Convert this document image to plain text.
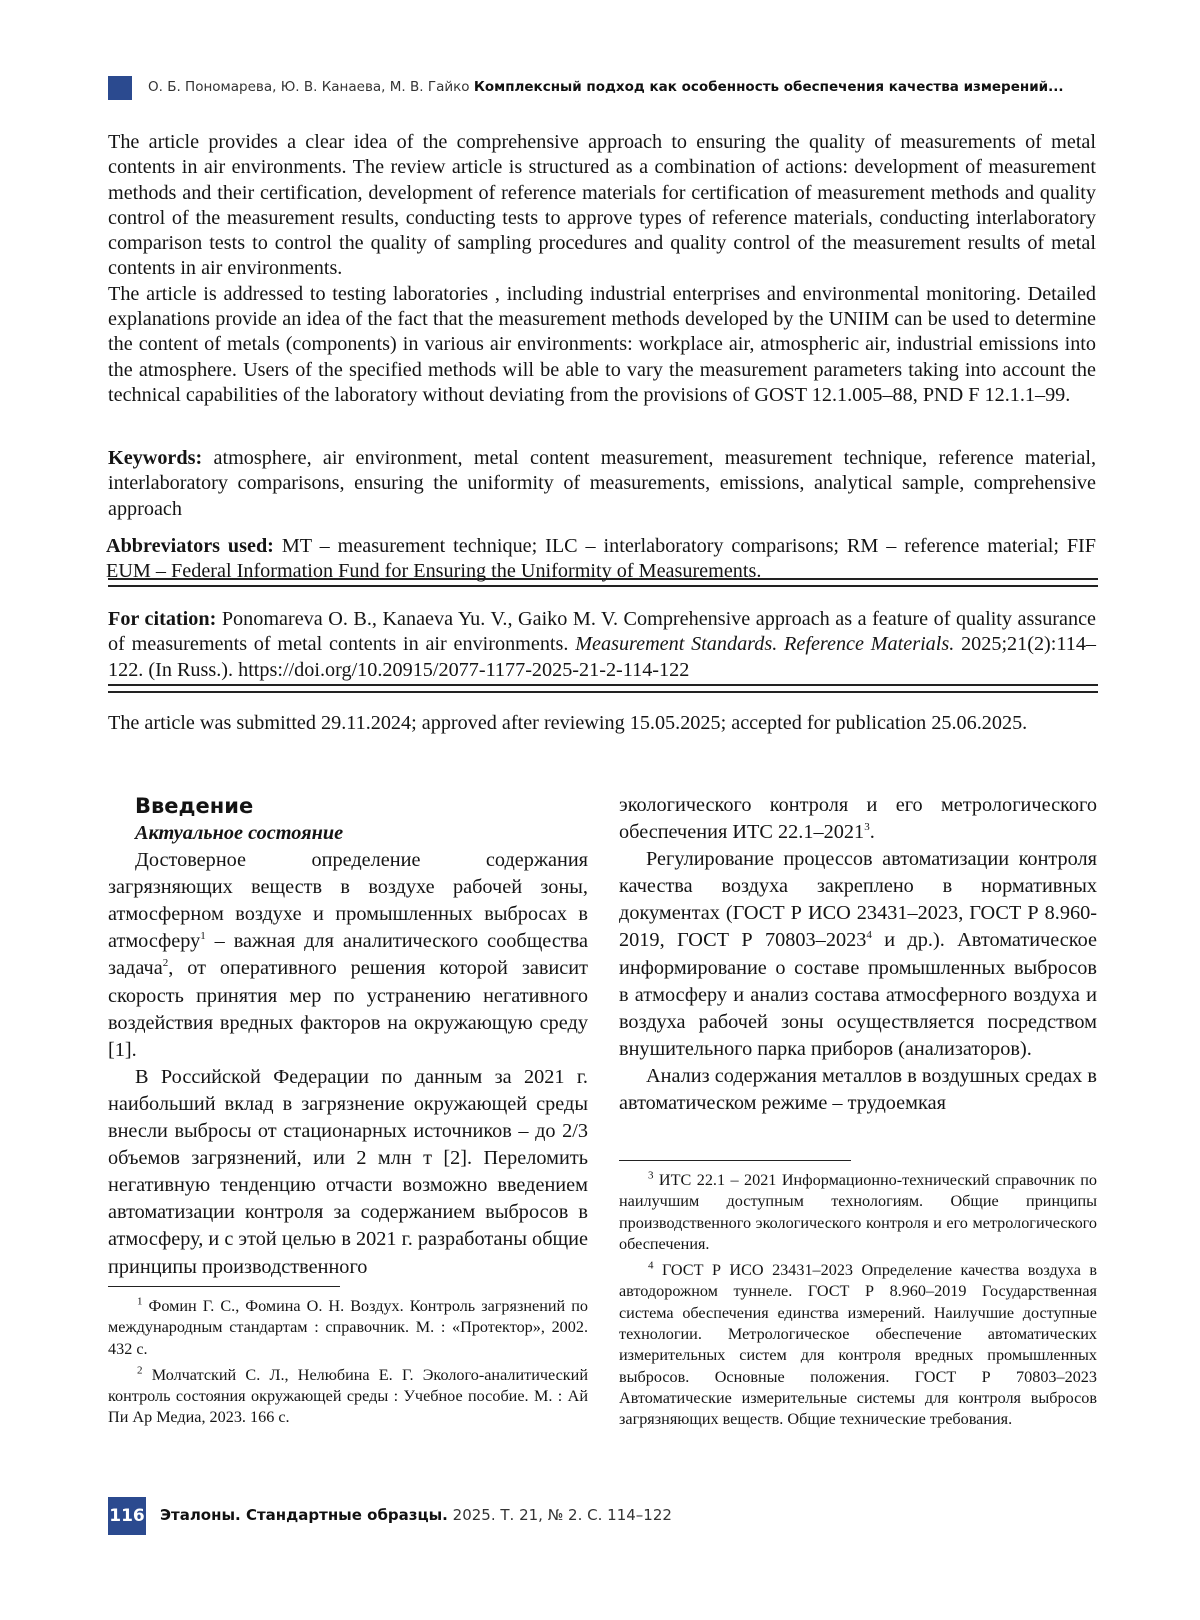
О. Б. Пономарева, Ю. В. Канаева, М. В. Гайко Комплексный подход как особенность обеспечения качества измерений...

The article provides a clear idea of the comprehensive approach to ensuring the quality of measurements of metal contents in air environments. The review article is structured as a combination of actions: development of measurement methods and their certification, development of reference materials for certification of measurement methods and quality control of the measurement results, conducting tests to approve types of reference materials, conducting interlaboratory comparison tests to control the quality of sampling procedures and quality control of the measurement results of metal contents in air environments.

The article is addressed to testing laboratories , including industrial enterprises and environmental monitoring. Detailed explanations provide an idea of the fact that the measurement methods developed by the UNIIM can be used to determine the content of metals (components) in various air environments: workplace air, atmospheric air, industrial emissions into the atmosphere. Users of the specified methods will be able to vary the measurement parameters taking into account the technical capabilities of the laboratory without deviating from the provisions of GOST 12.1.005–88, PND F 12.1.1–99.

Keywords: atmosphere, air environment, metal content measurement, measurement technique, reference material, interlaboratory comparisons, ensuring the uniformity of measurements, emissions, analytical sample, comprehensive approach
Abbreviators used: MT – measurement technique; ILC – interlaboratory comparisons; RM – reference material; FIF EUM – Federal Information Fund for Ensuring the Uniformity of Measurements.
For citation: Ponomareva O. B., Kanaeva Yu. V., Gaiko M. V. Comprehensive approach as a feature of quality assurance of measurements of metal contents in air environments. Measurement Standards. Reference Materials. 2025;21(2):114–122. (In Russ.). https://doi.org/10.20915/2077-1177-2025-21-2-114-122
The article was submitted 29.11.2024; approved after reviewing 15.05.2025; accepted for publication 25.06.2025.
Введение
Актуальное состояние

Достоверное определение содержания загрязняющих веществ в воздухе рабочей зоны, атмосферном воздухе и промышленных выбросах в атмосферу$^1$ – важная для аналитического сообщества задача$^2$, от оперативного решения которой зависит скорость принятия мер по устранению негативного воздействия вредных факторов на окружающую среду [1].

В Российской Федерации по данным за 2021 г. наибольший вклад в загрязнение окружающей среды внесли выбросы от стационарных источников – до 2/3 объемов загрязнений, или 2 млн т [2]. Переломить негативную тенденцию отчасти возможно введением автоматизации контроля за содержанием выбросов в атмосферу, и с этой целью в 2021 г. разработаны общие принципы производственного

$^1$ Фомин Г. С., Фомина О. Н. Воздух. Контроль загрязнений по международным стандартам : справочник. М. : «Протектор», 2002. 432 с.

$^2$ Молчатский С. Л., Нелюбина Е. Г. Эколого-аналитический контроль состояния окружающей среды : Учебное пособие. М. : Ай Пи Ар Медиа, 2023. 166 с.

экологического контроля и его метрологического обеспечения ИТС 22.1–2021$^3$.

Регулирование процессов автоматизации контроля качества воздуха закреплено в нормативных документах (ГОСТ Р ИСО 23431–2023, ГОСТ Р 8.960-2019, ГОСТ Р 70803–2023$^4$ и др.). Автоматическое информирование о составе промышленных выбросов в атмосферу и анализ состава атмосферного воздуха и воздуха рабочей зоны осуществляется посредством внушительного парка приборов (анализаторов).

Анализ содержания металлов в воздушных средах в автоматическом режиме – трудоемкая

$^3$ ИТС 22.1 – 2021 Информационно-технический справочник по наилучшим доступным технологиям. Общие принципы производственного экологического контроля и его метрологического обеспечения.

$^4$ ГОСТ Р ИСО 23431–2023 Определение качества воздуха в автодорожном туннеле. ГОСТ Р 8.960–2019 Государственная система обеспечения единства измерений. Наилучшие доступные технологии. Метрологическое обеспечение автоматических измерительных систем для контроля вредных промышленных выбросов. Основные положения. ГОСТ Р 70803–2023 Автоматические измерительные системы для контроля выбросов загрязняющих веществ. Общие технические требования.

116 Эталоны. Стандартные образцы. 2025. Т. 21, № 2. С. 114–122
